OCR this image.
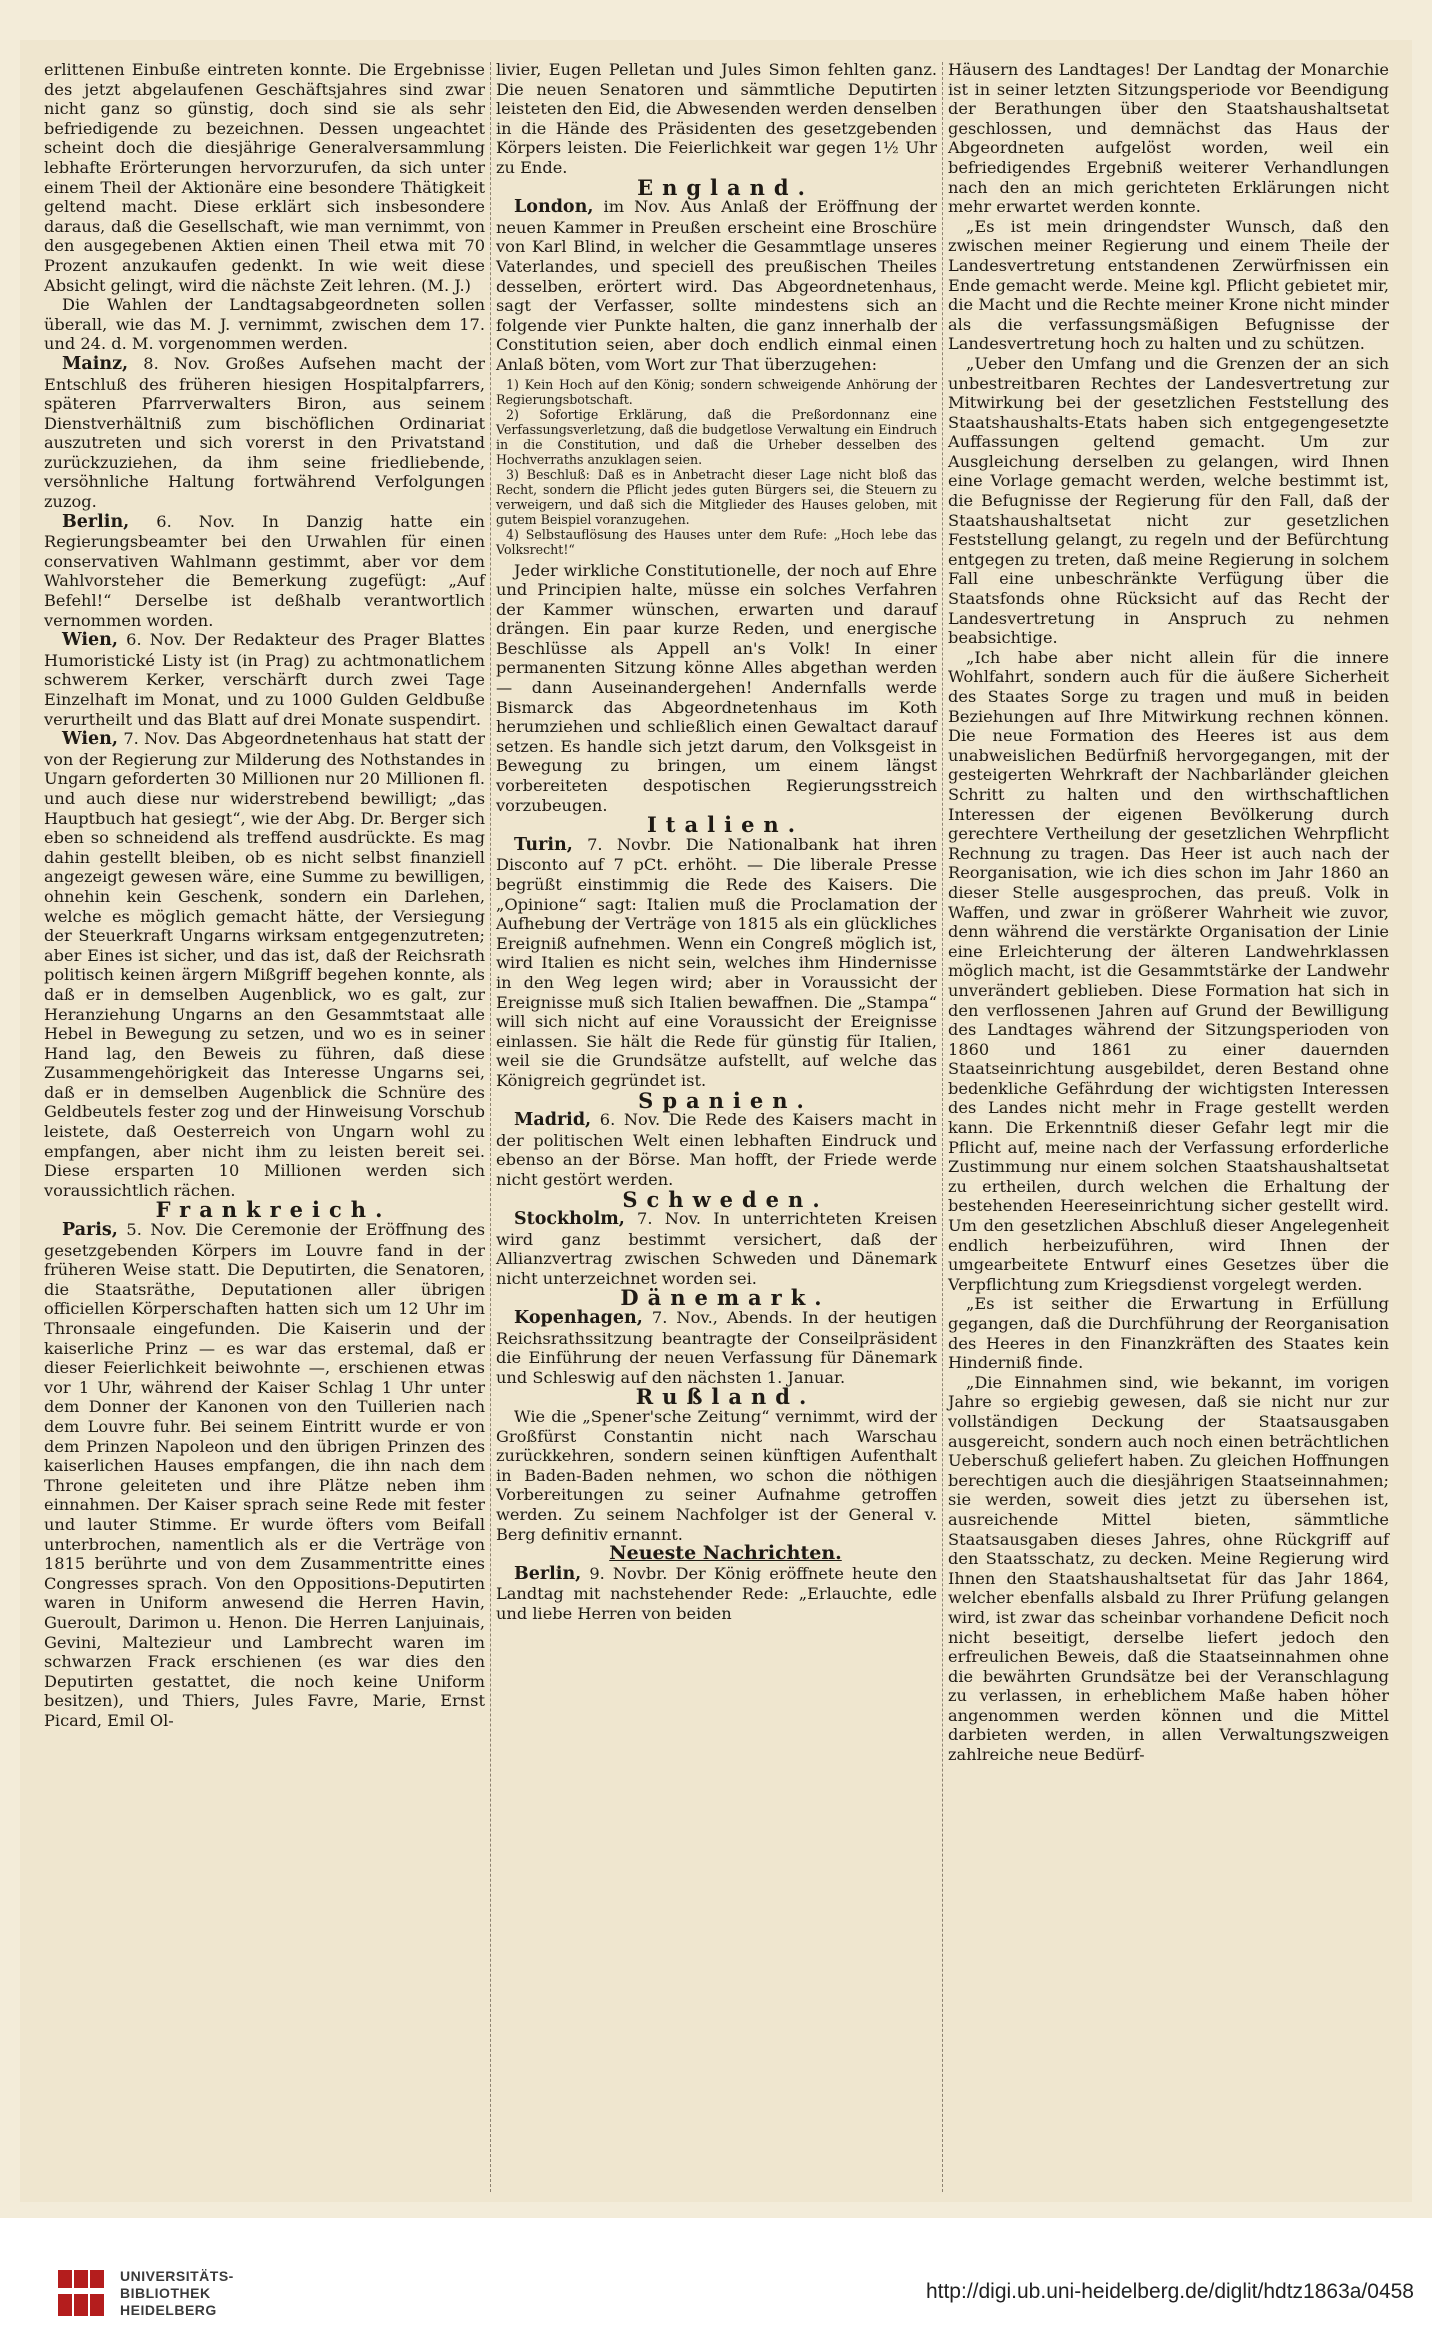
erlittenen Einbuße eintreten konnte. Die Ergebnisse des jetzt abgelaufenen Geschäftsjahres sind zwar nicht ganz so günstig, doch sind sie als sehr befriedigende zu bezeichnen. Dessen ungeachtet scheint doch die diesjährige Generalversammlung lebhafte Erörterungen hervorzurufen, da sich unter einem Theil der Aktionäre eine besondere Thätigkeit geltend macht. Diese erklärt sich insbesondere daraus, daß die Gesellschaft, wie man vernimmt, von den ausgegebenen Aktien einen Theil etwa mit 70 Prozent anzukaufen gedenkt. In wie weit diese Absicht gelingt, wird die nächste Zeit lehren. (M. J.)

Die Wahlen der Landtagsabgeordneten sollen überall, wie das M. J. vernimmt, zwischen dem 17. und 24. d. M. vorgenommen werden.

Mainz, 8. Nov. Großes Aufsehen macht der Entschluß des früheren hiesigen Hospitalpfarrers, späteren Pfarrverwalters Biron, aus seinem Dienstverhältniß zum bischöflichen Ordinariat auszutreten und sich vorerst in den Privatstand zurückzuziehen, da ihm seine friedliebende, versöhnliche Haltung fortwährend Verfolgungen zuzog.

Berlin, 6. Nov. In Danzig hatte ein Regierungsbeamter bei den Urwahlen für einen conservativen Wahlmann gestimmt, aber vor dem Wahlvorsteher die Bemerkung zugefügt: „Auf Befehl!“ Derselbe ist deßhalb verantwortlich vernommen worden.

Wien, 6. Nov. Der Redakteur des Prager Blattes Humoristické Listy ist (in Prag) zu achtmonatlichem schwerem Kerker, verschärft durch zwei Tage Einzelhaft im Monat, und zu 1000 Gulden Geldbuße verurtheilt und das Blatt auf drei Monate suspendirt.

Wien, 7. Nov. Das Abgeordnetenhaus hat statt der von der Regierung zur Milderung des Nothstandes in Ungarn geforderten 30 Millionen nur 20 Millionen fl. und auch diese nur widerstrebend bewilligt; „das Hauptbuch hat gesiegt“, wie der Abg. Dr. Berger sich eben so schneidend als treffend ausdrückte. Es mag dahin gestellt bleiben, ob es nicht selbst finanziell angezeigt gewesen wäre, eine Summe zu bewilligen, ohnehin kein Geschenk, sondern ein Darlehen, welche es möglich gemacht hätte, der Versiegung der Steuerkraft Ungarns wirksam entgegenzutreten; aber Eines ist sicher, und das ist, daß der Reichsrath politisch keinen ärgern Mißgriff begehen konnte, als daß er in demselben Augenblick, wo es galt, zur Heranziehung Ungarns an den Gesammtstaat alle Hebel in Bewegung zu setzen, und wo es in seiner Hand lag, den Beweis zu führen, daß diese Zusammengehörigkeit das Interesse Ungarns sei, daß er in demselben Augenblick die Schnüre des Geldbeutels fester zog und der Hinweisung Vorschub leistete, daß Oesterreich von Ungarn wohl zu empfangen, aber nicht ihm zu leisten bereit sei. Diese ersparten 10 Millionen werden sich voraussichtlich rächen.

Frankreich.

Paris, 5. Nov. Die Ceremonie der Eröffnung des gesetzgebenden Körpers im Louvre fand in der früheren Weise statt. Die Deputirten, die Senatoren, die Staatsräthe, Deputationen aller übrigen officiellen Körperschaften hatten sich um 12 Uhr im Thronsaale eingefunden. Die Kaiserin und der kaiserliche Prinz — es war das erstemal, daß er dieser Feierlichkeit beiwohnte —, erschienen etwas vor 1 Uhr, während der Kaiser Schlag 1 Uhr unter dem Donner der Kanonen von den Tuillerien nach dem Louvre fuhr. Bei seinem Eintritt wurde er von dem Prinzen Napoleon und den übrigen Prinzen des kaiserlichen Hauses empfangen, die ihn nach dem Throne geleiteten und ihre Plätze neben ihm einnahmen. Der Kaiser sprach seine Rede mit fester und lauter Stimme. Er wurde öfters vom Beifall unterbrochen, namentlich als er die Verträge von 1815 berührte und von dem Zusammentritte eines Congresses sprach. Von den Oppositions-Deputirten waren in Uniform anwesend die Herren Havin, Gueroult, Darimon u. Henon. Die Herren Lanjuinais, Gevini, Maltezieur und Lambrecht waren im schwarzen Frack erschienen (es war dies den Deputirten gestattet, die noch keine Uniform besitzen), und Thiers, Jules Favre, Marie, Ernst Picard, Emil Ol-

livier, Eugen Pelletan und Jules Simon fehlten ganz. Die neuen Senatoren und sämmtliche Deputirten leisteten den Eid, die Abwesenden werden denselben in die Hände des Präsidenten des gesetzgebenden Körpers leisten. Die Feierlichkeit war gegen 1½ Uhr zu Ende.

England.

London, im Nov. Aus Anlaß der Eröffnung der neuen Kammer in Preußen erscheint eine Broschüre von Karl Blind, in welcher die Gesammtlage unseres Vaterlandes, und speciell des preußischen Theiles desselben, erörtert wird. Das Abgeordnetenhaus, sagt der Verfasser, sollte mindestens sich an folgende vier Punkte halten, die ganz innerhalb der Constitution seien, aber doch endlich einmal einen Anlaß böten, vom Wort zur That überzugehen:

1) Kein Hoch auf den König; sondern schweigende Anhörung der Regierungsbotschaft.

2) Sofortige Erklärung, daß die Preßordonnanz eine Verfassungsverletzung, daß die budgetlose Verwaltung ein Eindruch in die Constitution, und daß die Urheber desselben des Hochverraths anzuklagen seien.

3) Beschluß: Daß es in Anbetracht dieser Lage nicht bloß das Recht, sondern die Pflicht jedes guten Bürgers sei, die Steuern zu verweigern, und daß sich die Mitglieder des Hauses geloben, mit gutem Beispiel voranzugehen.

4) Selbstauflösung des Hauses unter dem Rufe: „Hoch lebe das Volksrecht!“

Jeder wirkliche Constitutionelle, der noch auf Ehre und Principien halte, müsse ein solches Verfahren der Kammer wünschen, erwarten und darauf drängen. Ein paar kurze Reden, und energische Beschlüsse als Appell an's Volk! In einer permanenten Sitzung könne Alles abgethan werden — dann Auseinandergehen! Andernfalls werde Bismarck das Abgeordnetenhaus im Koth herumziehen und schließlich einen Gewaltact darauf setzen. Es handle sich jetzt darum, den Volksgeist in Bewegung zu bringen, um einem längst vorbereiteten despotischen Regierungsstreich vorzubeugen.

Italien.

Turin, 7. Novbr. Die Nationalbank hat ihren Disconto auf 7 pCt. erhöht. — Die liberale Presse begrüßt einstimmig die Rede des Kaisers. Die „Opinione“ sagt: Italien muß die Proclamation der Aufhebung der Verträge von 1815 als ein glückliches Ereigniß aufnehmen. Wenn ein Congreß möglich ist, wird Italien es nicht sein, welches ihm Hindernisse in den Weg legen wird; aber in Voraussicht der Ereignisse muß sich Italien bewaffnen. Die „Stampa“ will sich nicht auf eine Voraussicht der Ereignisse einlassen. Sie hält die Rede für günstig für Italien, weil sie die Grundsätze aufstellt, auf welche das Königreich gegründet ist.

Spanien.

Madrid, 6. Nov. Die Rede des Kaisers macht in der politischen Welt einen lebhaften Eindruck und ebenso an der Börse. Man hofft, der Friede werde nicht gestört werden.

Schweden.

Stockholm, 7. Nov. In unterrichteten Kreisen wird ganz bestimmt versichert, daß der Allianzvertrag zwischen Schweden und Dänemark nicht unterzeichnet worden sei.

Dänemark.

Kopenhagen, 7. Nov., Abends. In der heutigen Reichsrathssitzung beantragte der Conseilpräsident die Einführung der neuen Verfassung für Dänemark und Schleswig auf den nächsten 1. Januar.

Rußland.

Wie die „Spener'sche Zeitung“ vernimmt, wird der Großfürst Constantin nicht nach Warschau zurückkehren, sondern seinen künftigen Aufenthalt in Baden-Baden nehmen, wo schon die nöthigen Vorbereitungen zu seiner Aufnahme getroffen werden. Zu seinem Nachfolger ist der General v. Berg definitiv ernannt.

Neueste Nachrichten.

Berlin, 9. Novbr. Der König eröffnete heute den Landtag mit nachstehender Rede: „Erlauchte, edle und liebe Herren von beiden

Häusern des Landtages! Der Landtag der Monarchie ist in seiner letzten Sitzungsperiode vor Beendigung der Berathungen über den Staatshaushaltsetat geschlossen, und demnächst das Haus der Abgeordneten aufgelöst worden, weil ein befriedigendes Ergebniß weiterer Verhandlungen nach den an mich gerichteten Erklärungen nicht mehr erwartet werden konnte.

„Es ist mein dringendster Wunsch, daß den zwischen meiner Regierung und einem Theile der Landesvertretung entstandenen Zerwürfnissen ein Ende gemacht werde. Meine kgl. Pflicht gebietet mir, die Macht und die Rechte meiner Krone nicht minder als die verfassungsmäßigen Befugnisse der Landesvertretung hoch zu halten und zu schützen.

„Ueber den Umfang und die Grenzen der an sich unbestreitbaren Rechtes der Landesvertretung zur Mitwirkung bei der gesetzlichen Feststellung des Staatshaushalts-Etats haben sich entgegengesetzte Auffassungen geltend gemacht. Um zur Ausgleichung derselben zu gelangen, wird Ihnen eine Vorlage gemacht werden, welche bestimmt ist, die Befugnisse der Regierung für den Fall, daß der Staatshaushaltsetat nicht zur gesetzlichen Feststellung gelangt, zu regeln und der Befürchtung entgegen zu treten, daß meine Regierung in solchem Fall eine unbeschränkte Verfügung über die Staatsfonds ohne Rücksicht auf das Recht der Landesvertretung in Anspruch zu nehmen beabsichtige.

„Ich habe aber nicht allein für die innere Wohlfahrt, sondern auch für die äußere Sicherheit des Staates Sorge zu tragen und muß in beiden Beziehungen auf Ihre Mitwirkung rechnen können. Die neue Formation des Heeres ist aus dem unabweislichen Bedürfniß hervorgegangen, mit der gesteigerten Wehrkraft der Nachbarländer gleichen Schritt zu halten und den wirthschaftlichen Interessen der eigenen Bevölkerung durch gerechtere Vertheilung der gesetzlichen Wehrpflicht Rechnung zu tragen. Das Heer ist auch nach der Reorganisation, wie ich dies schon im Jahr 1860 an dieser Stelle ausgesprochen, das preuß. Volk in Waffen, und zwar in größerer Wahrheit wie zuvor, denn während die verstärkte Organisation der Linie eine Erleichterung der älteren Landwehrklassen möglich macht, ist die Gesammtstärke der Landwehr unverändert geblieben. Diese Formation hat sich in den verflossenen Jahren auf Grund der Bewilligung des Landtages während der Sitzungsperioden von 1860 und 1861 zu einer dauernden Staatseinrichtung ausgebildet, deren Bestand ohne bedenkliche Gefährdung der wichtigsten Interessen des Landes nicht mehr in Frage gestellt werden kann. Die Erkenntniß dieser Gefahr legt mir die Pflicht auf, meine nach der Verfassung erforderliche Zustimmung nur einem solchen Staatshaushaltsetat zu ertheilen, durch welchen die Erhaltung der bestehenden Heereseinrichtung sicher gestellt wird. Um den gesetzlichen Abschluß dieser Angelegenheit endlich herbeizuführen, wird Ihnen der umgearbeitete Entwurf eines Gesetzes über die Verpflichtung zum Kriegsdienst vorgelegt werden.

„Es ist seither die Erwartung in Erfüllung gegangen, daß die Durchführung der Reorganisation des Heeres in den Finanzkräften des Staates kein Hinderniß finde.

„Die Einnahmen sind, wie bekannt, im vorigen Jahre so ergiebig gewesen, daß sie nicht nur zur vollständigen Deckung der Staatsausgaben ausgereicht, sondern auch noch einen beträchtlichen Ueberschuß geliefert haben. Zu gleichen Hoffnungen berechtigen auch die diesjährigen Staatseinnahmen; sie werden, soweit dies jetzt zu übersehen ist, ausreichende Mittel bieten, sämmtliche Staatsausgaben dieses Jahres, ohne Rückgriff auf den Staatsschatz, zu decken. Meine Regierung wird Ihnen den Staatshaushaltsetat für das Jahr 1864, welcher ebenfalls alsbald zu Ihrer Prüfung gelangen wird, ist zwar das scheinbar vorhandene Deficit noch nicht beseitigt, derselbe liefert jedoch den erfreulichen Beweis, daß die Staatseinnahmen ohne die bewährten Grundsätze bei der Veranschlagung zu verlassen, in erheblichem Maße haben höher angenommen werden können und die Mittel darbieten werden, in allen Verwaltungszweigen zahlreiche neue Bedürf-

UNIVERSITÄTS-
BIBLIOTHEK
HEIDELBERG
http://digi.ub.uni-heidelberg.de/diglit/hdtz1863a/0458
